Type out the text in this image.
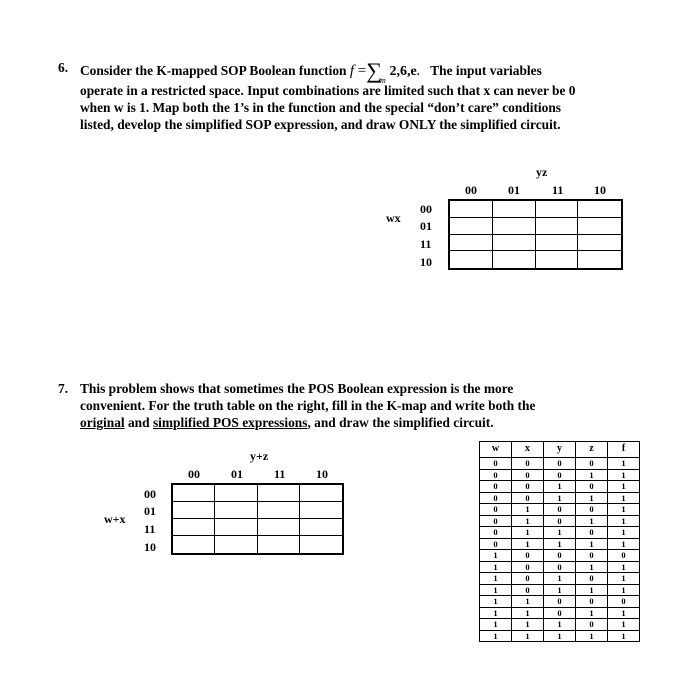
6. Consider the K-mapped SOP Boolean function $f =\sum_m$ 2,6,e. The input variables
operate in a restricted space. Input combinations are limited such that x can never be 0
when w is 1. Map both the 1’s in the function and the special “don’t care” conditions
listed, develop the simplified SOP expression, and draw ONLY the simplified circuit.
yz
00	01	11	10
wx
00
01
11
10
7. This problem shows that sometimes the POS Boolean expression is the more
convenient. For the truth table on the right, fill in the K-map and write both the
original and simplified POS expressions, and draw the simplified circuit.
y+z
00	01	11	10
w+x
00
01
11
10
w	x	y	z	f
0	0	0	0	1
0	0	0	1	1
0	0	1	0	1
0	0	1	1	1
0	1	0	0	1
0	1	0	1	1
0	1	1	0	1
0	1	1	1	1
1	0	0	0	0
1	0	0	1	1
1	0	1	0	1
1	0	1	1	1
1	1	0	0	0
1	1	0	1	1
1	1	1	0	1
1	1	1	1	1
